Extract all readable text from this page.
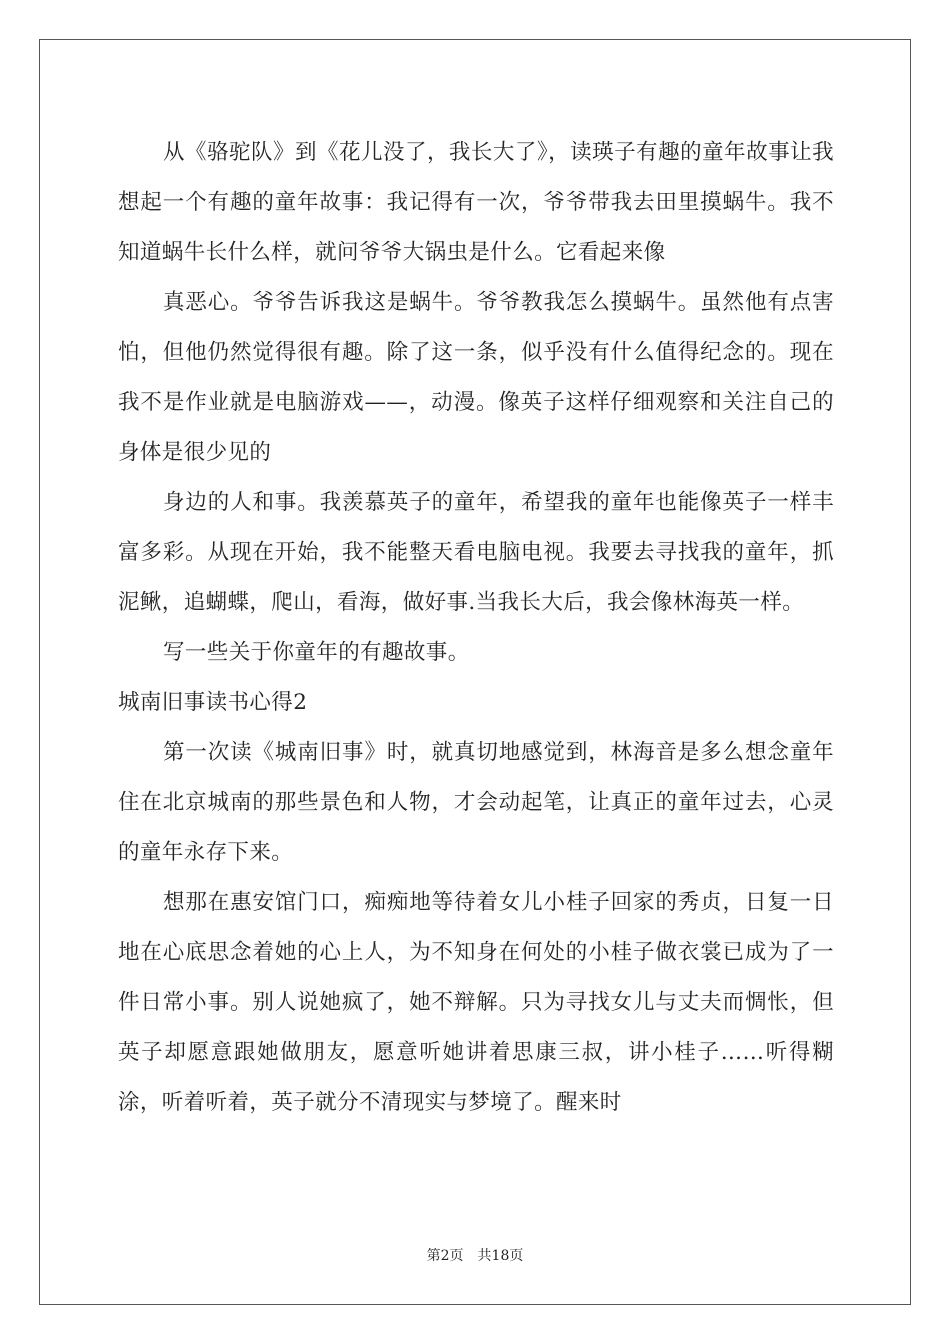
从《骆驼队》到《花儿没了，我长大了》，读瑛子有趣的童年故事让我想起一个有趣的童年故事：我记得有一次，爷爷带我去田里摸蜗牛。我不知道蜗牛长什么样，就问爷爷大锅虫是什么。它看起来像

真恶心。爷爷告诉我这是蜗牛。爷爷教我怎么摸蜗牛。虽然他有点害怕，但他仍然觉得很有趣。除了这一条，似乎没有什么值得纪念的。现在我不是作业就是电脑游戏——，动漫。像英子这样仔细观察和关注自己的身体是很少见的

身边的人和事。我羡慕英子的童年，希望我的童年也能像英子一样丰富多彩。从现在开始，我不能整天看电脑电视。我要去寻找我的童年，抓泥鳅，追蝴蝶，爬山，看海，做好事.当我长大后，我会像林海英一样。

写一些关于你童年的有趣故事。

城南旧事读书心得2

第一次读《城南旧事》时，就真切地感觉到，林海音是多么想念童年住在北京城南的那些景色和人物，才会动起笔，让真正的童年过去，心灵的童年永存下来。

想那在惠安馆门口，痴痴地等待着女儿小桂子回家的秀贞，日复一日地在心底思念着她的心上人，为不知身在何处的小桂子做衣裳已成为了一件日常小事。别人说她疯了，她不辩解。只为寻找女儿与丈夫而惆怅，但英子却愿意跟她做朋友，愿意听她讲着思康三叔，讲小桂子……听得糊涂，听着听着，英子就分不清现实与梦境了。醒来时

第2页　共18页
